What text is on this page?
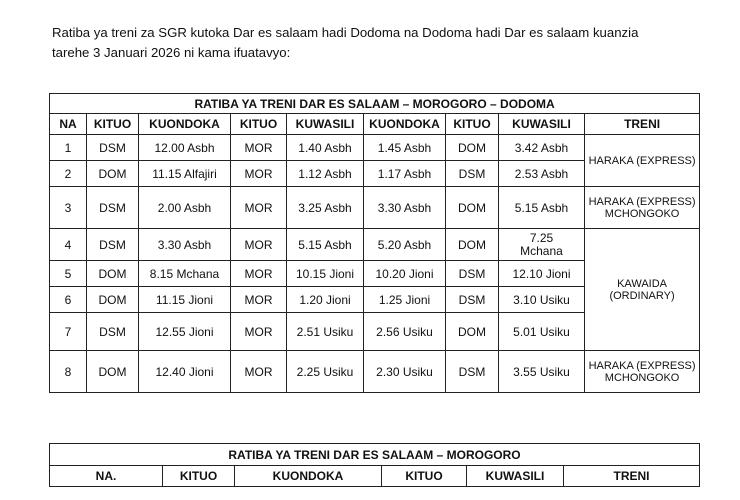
Ratiba ya treni za SGR kutoka Dar es salaam hadi Dodoma na Dodoma hadi Dar es salaam kuanzia
tarehe 3 Januari 2026 ni kama ifuatavyo:
RATIBA YA TRENI DAR ES SALAAM – MOROGORO – DODOMA								
NA	KITUO	KUONDOKA	KITUO	KUWASILI	KUONDOKA	KITUO	KUWASILI	TRENI
1	DSM	12.00 Asbh	MOR	1.40 Asbh	1.45 Asbh	DOM	3.42 Asbh	HARAKA (EXPRESS)
2	DOM	11.15 Alfajiri	MOR	1.12 Asbh	1.17 Asbh	DSM	2.53 Asbh	
3	DSM	2.00 Asbh	MOR	3.25 Asbh	3.30 Asbh	DOM	5.15 Asbh	HARAKA (EXPRESS) MCHONGOKO
4	DSM	3.30 Asbh	MOR	5.15 Asbh	5.20 Asbh	DOM	7.25 Mchana	KAWAIDA (ORDINARY)
5	DOM	8.15 Mchana	MOR	10.15 Jioni	10.20 Jioni	DSM	12.10 Jioni	
6	DOM	11.15 Jioni	MOR	1.20 Jioni	1.25 Jioni	DSM	3.10 Usiku	
7	DSM	12.55 Jioni	MOR	2.51 Usiku	2.56 Usiku	DOM	5.01 Usiku	
8	DOM	12.40 Jioni	MOR	2.25 Usiku	2.30 Usiku	DSM	3.55 Usiku	HARAKA (EXPRESS) MCHONGOKO
RATIBA YA TRENI DAR ES SALAAM – MOROGORO
NA.	KITUO	KUONDOKA	KITUO	KUWASILI	TRENI
